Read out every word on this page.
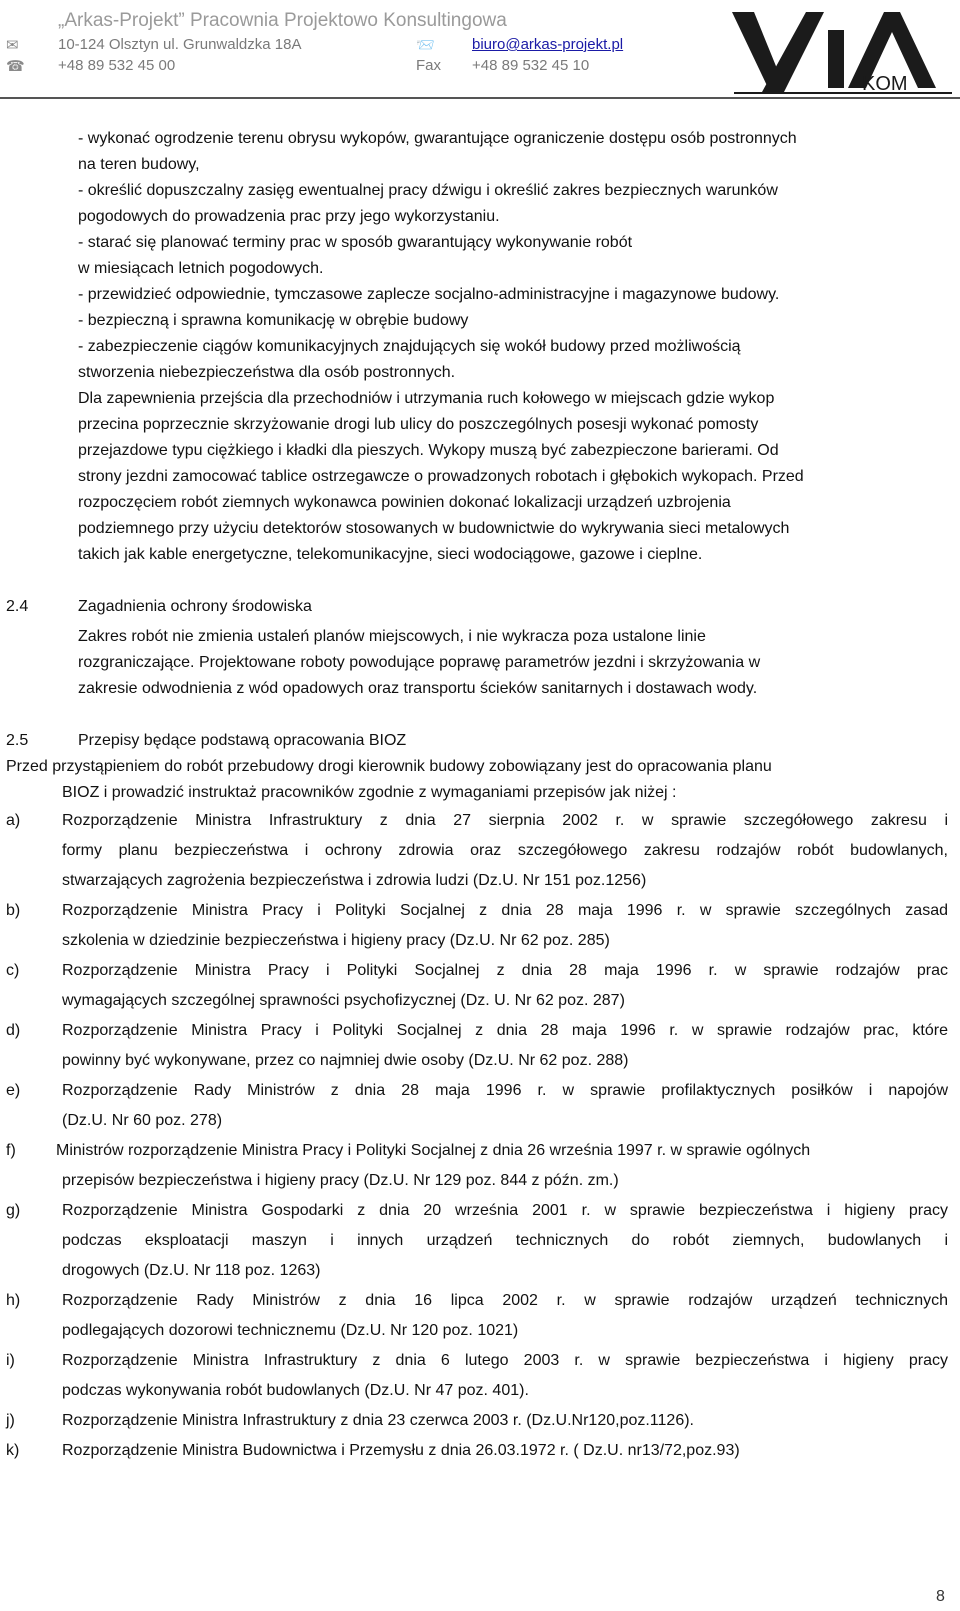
„Arkas-Projekt” Pracownia Projektowo Konsultingowa
✉	10-124 Olsztyn ul. Grunwaldzka 18A	📨 biuro@arkas-projekt.pl
☎ +48 89 532 45 00	Fax +48 89 532 45 10
KOM
- wykonać ogrodzenie terenu obrysu wykopów, gwarantujące ograniczenie dostępu osób postronnych
na teren budowy,
- określić dopuszczalny zasięg ewentualnej pracy dźwigu i określić zakres bezpiecznych warunków
pogodowych do prowadzenia prac przy jego wykorzystaniu.
- starać się planować terminy prac w sposób gwarantujący wykonywanie robót
w miesiącach letnich pogodowych.
- przewidzieć odpowiednie, tymczasowe zaplecze socjalno-administracyjne i magazynowe budowy.
- bezpieczną i sprawna komunikację w obrębie budowy
- zabezpieczenie ciągów komunikacyjnych znajdujących się wokół budowy przed możliwością
stworzenia niebezpieczeństwa dla osób postronnych.
Dla zapewnienia przejścia dla przechodniów i utrzymania ruch kołowego w miejscach gdzie wykop
przecina poprzecznie skrzyżowanie drogi lub ulicy do poszczególnych posesji wykonać pomosty
przejazdowe typu ciężkiego i kładki dla pieszych. Wykopy muszą być zabezpieczone barierami. Od
strony jezdni zamocować tablice ostrzegawcze o prowadzonych robotach i głębokich wykopach. Przed
rozpoczęciem robót ziemnych wykonawca powinien dokonać lokalizacji urządzeń uzbrojenia
podziemnego przy użyciu detektorów stosowanych w budownictwie do wykrywania sieci metalowych
takich jak kable energetyczne, telekomunikacyjne, sieci wodociągowe, gazowe i cieplne.
2.4	Zagadnienia ochrony środowiska
Zakres robót nie zmienia ustaleń planów miejscowych, i nie wykracza poza ustalone linie
rozgraniczające. Projektowane roboty powodujące poprawę parametrów jezdni i skrzyżowania w
zakresie odwodnienia z wód opadowych oraz transportu ścieków sanitarnych i dostawach wody.
2.5	Przepisy będące podstawą opracowania BIOZ
Przed przystąpieniem do robót przebudowy drogi kierownik budowy zobowiązany jest do opracowania planu
BIOZ i prowadzić instruktaż pracowników zgodnie z wymaganiami przepisów jak niżej :
a)	Rozporządzenie Ministra Infrastruktury z dnia 27 sierpnia 2002 r. w sprawie szczegółowego zakresu i
formy planu bezpieczeństwa i ochrony zdrowia oraz szczegółowego zakresu rodzajów robót budowlanych,
stwarzających zagrożenia bezpieczeństwa i zdrowia ludzi (Dz.U. Nr 151 poz.1256)
b)	Rozporządzenie Ministra Pracy i Polityki Socjalnej z dnia 28 maja 1996 r. w sprawie szczególnych zasad
szkolenia w dziedzinie bezpieczeństwa i higieny pracy (Dz.U. Nr 62 poz. 285)
c)	Rozporządzenie Ministra Pracy i Polityki Socjalnej z dnia 28 maja 1996 r. w sprawie rodzajów prac
wymagających szczególnej sprawności psychofizycznej (Dz. U. Nr 62 poz. 287)
d)	Rozporządzenie Ministra Pracy i Polityki Socjalnej z dnia 28 maja 1996 r. w sprawie rodzajów prac, które
powinny być wykonywane, przez co najmniej dwie osoby (Dz.U. Nr 62 poz. 288)
e)	Rozporządzenie Rady Ministrów z dnia 28 maja 1996 r. w sprawie profilaktycznych posiłków i napojów
(Dz.U. Nr 60 poz. 278)
f)	Ministrów rozporządzenie Ministra Pracy i Polityki Socjalnej z dnia 26 września 1997 r. w sprawie ogólnych
przepisów bezpieczeństwa i higieny pracy (Dz.U. Nr 129 poz. 844 z późn. zm.)
g)	Rozporządzenie Ministra Gospodarki z dnia 20 września 2001 r. w sprawie bezpieczeństwa i higieny pracy
podczas eksploatacji maszyn i innych urządzeń technicznych do robót ziemnych, budowlanych i
drogowych (Dz.U. Nr 118 poz. 1263)
h)	Rozporządzenie Rady Ministrów z dnia 16 lipca 2002 r. w sprawie rodzajów urządzeń technicznych
podlegających dozorowi technicznemu (Dz.U. Nr 120 poz. 1021)
i)	Rozporządzenie Ministra Infrastruktury z dnia 6 lutego 2003 r. w sprawie bezpieczeństwa i higieny pracy
podczas wykonywania robót budowlanych (Dz.U. Nr 47 poz. 401).
j)	Rozporządzenie Ministra Infrastruktury z dnia 23 czerwca 2003 r. (Dz.U.Nr120,poz.1126).
k)	Rozporządzenie Ministra Budownictwa i Przemysłu z dnia 26.03.1972 r. ( Dz.U. nr13/72,poz.93)
8
